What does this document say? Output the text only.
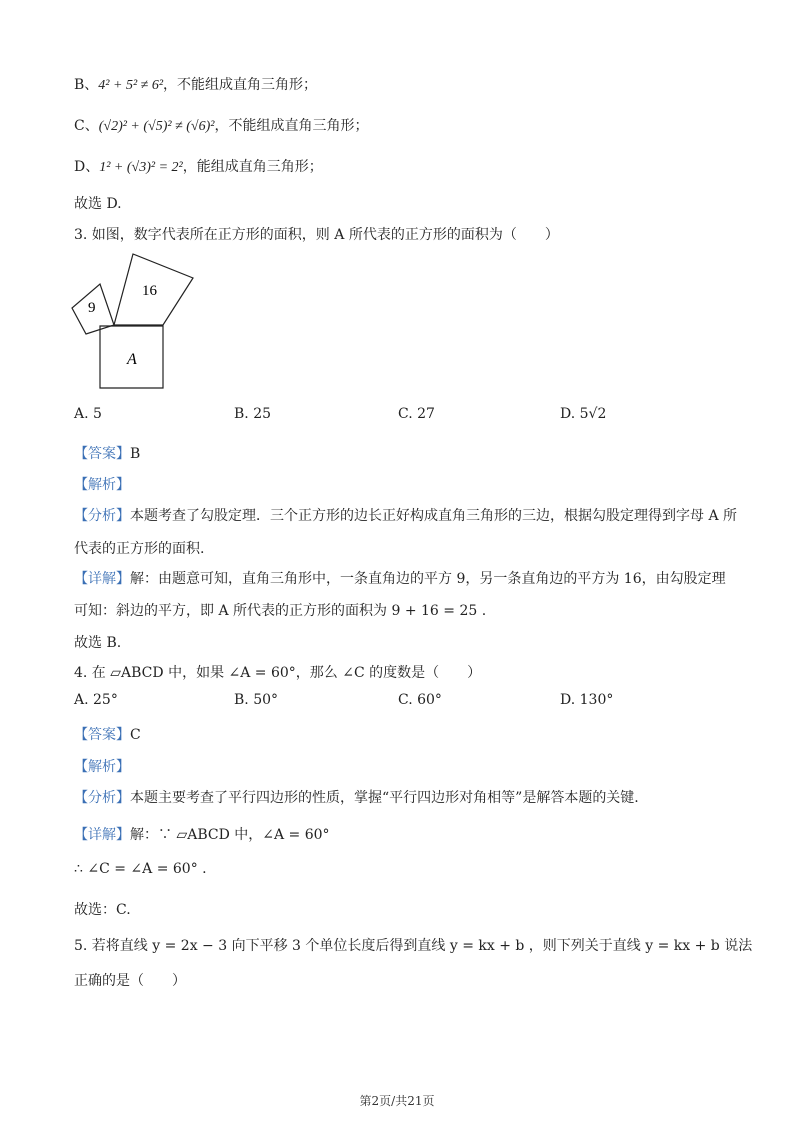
B、4² + 5² ≠ 6²，不能组成直角三角形；
C、(√2)² + (√5)² ≠ (√6)²，不能组成直角三角形；
D、1² + (√3)² = 2²，能组成直角三角形；
故选 D.
3. 如图，数字代表所在正方形的面积，则 A 所代表的正方形的面积为（　　）
9
16
A
A. 5	B. 25	C. 27	D. 5√2
【答案】B
【解析】
【分析】本题考查了勾股定理．三个正方形的边长正好构成直角三角形的三边，根据勾股定理得到字母 A 所
代表的正方形的面积.
【详解】解：由题意可知，直角三角形中，一条直角边的平方 9，另一条直角边的平方为 16，由勾股定理
可知：斜边的平方，即 A 所代表的正方形的面积为 9 + 16 = 25 .
故选 B.
4. 在 ▱ABCD 中，如果 ∠A = 60°，那么 ∠C 的度数是（　　）
A. 25°	B. 50°	C. 60°	D. 130°
【答案】C
【解析】
【分析】本题主要考查了平行四边形的性质，掌握“平行四边形对角相等”是解答本题的关键.
【详解】解：∵ ▱ABCD 中，∠A = 60°
∴ ∠C = ∠A = 60° .
故选：C.
5. 若将直线 y = 2x − 3 向下平移 3 个单位长度后得到直线 y = kx + b ，则下列关于直线 y = kx + b 说法
正确的是（　　）
第2页/共21页
